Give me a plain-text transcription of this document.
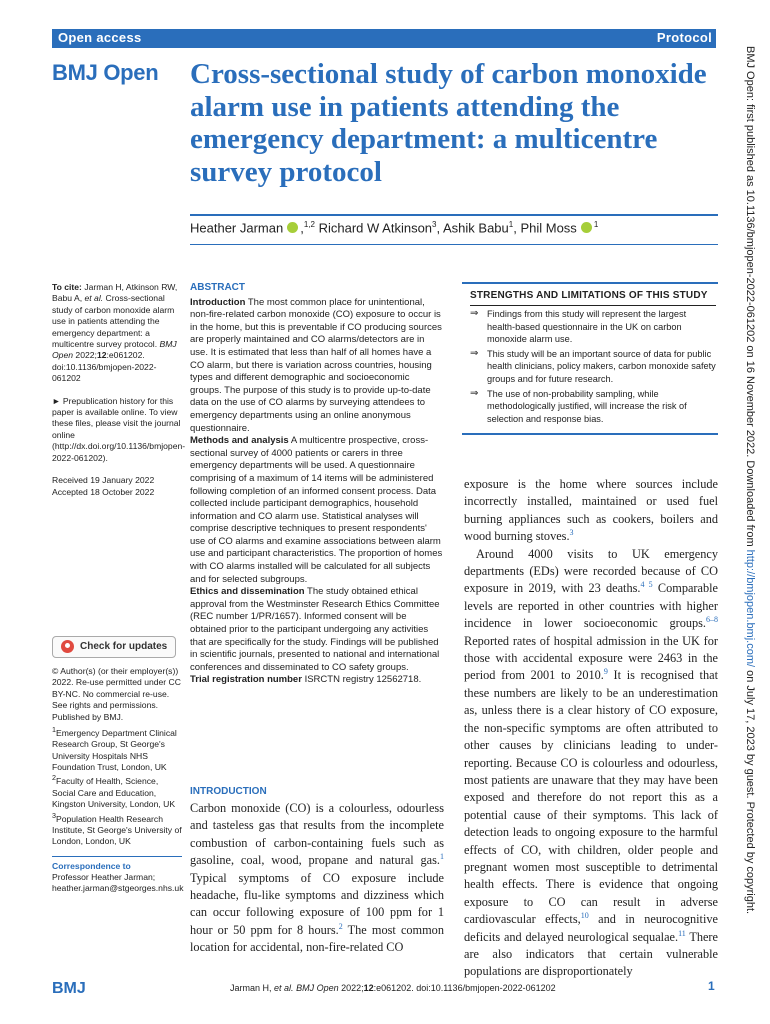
Open access	Protocol
BMJ Open Cross-sectional study of carbon monoxide alarm use in patients attending the emergency department: a multicentre survey protocol
Heather Jarman ,$^{1,2}$ Richard W Atkinson$^3$, Ashik Babu$^1$, Phil Moss $^1$

To cite: Jarman H, Atkinson RW, Babu A, et al. Cross-sectional study of carbon monoxide alarm use in patients attending the emergency department: a multicentre survey protocol. BMJ Open 2022;12:e061202. doi:10.1136/bmjopen-2022-061202

► Prepublication history for this paper is available online. To view these files, please visit the journal online (http://dx.doi.org/10.1136/bmjopen-2022-061202).

Received 19 January 2022

Accepted 18 October 2022

Check for updates

© Author(s) (or their employer(s)) 2022. Re-use permitted under CC BY-NC. No commercial re-use. See rights and permissions. Published by BMJ.

$^1$Emergency Department Clinical Research Group, St George's University Hospitals NHS Foundation Trust, London, UK

$^2$Faculty of Health, Science, Social Care and Education, Kingston University, London, UK

$^3$Population Health Research Institute, St George's University of London, London, UK

Correspondence to

Professor Heather Jarman;

heather.jarman@stgeorges.nhs.uk

ABSTRACT

Introduction The most common place for unintentional, non-fire-related carbon monoxide (CO) exposure to occur is in the home, but this is preventable if CO producing sources are properly maintained and CO alarms/detectors are in use. It is estimated that less than half of all homes have a CO alarm, but there is variation across countries, housing types and different demographic and socioeconomic groups. The purpose of this study is to provide up-to-date data on the use of CO alarms by surveying attendees to emergency departments using an online anonymous questionnaire.

Methods and analysis A multicentre prospective, cross-sectional survey of 4000 patients or carers in three emergency departments will be used. A questionnaire comprising of a maximum of 14 items will be administered following completion of an informed consent process. Data collected include participant demographics, household information and CO alarm use. Statistical analyses will comprise descriptive techniques to present respondents' use of CO alarms and examine associations between alarm use and participant characteristics. The proportion of homes with CO alarms installed will be calculated for all subjects and for selected subgroups.

Ethics and dissemination The study obtained ethical approval from the Westminster Research Ethics Committee (REC number 1/PR/1657). Informed consent will be obtained prior to the participant undergoing any activities that are specifically for the study. Findings will be published in scientific journals, presented to national and international conferences and disseminated to CO safety groups.

Trial registration number ISRCTN registry 12562718.

STRENGTHS AND LIMITATIONS OF THIS STUDY
⇒ Findings from this study will represent the largest health-based questionnaire in the UK on carbon monoxide alarm use.
⇒ This study will be an important source of data for public health clinicians, policy makers, carbon monoxide safety groups and for future research.
⇒ The use of non-probability sampling, while methodologically justified, will increase the risk of selection and response bias.
INTRODUCTION

Carbon monoxide (CO) is a colourless, odourless and tasteless gas that results from the incomplete combustion of carbon-containing fuels such as gasoline, coal, wood, propane and natural gas.$^1$ Typical symptoms of CO exposure include headache, flu-like symptoms and dizziness which can occur following exposure of 100 ppm for 1 hour or 50 ppm for 8 hours.$^2$ The most common location for accidental, non-fire-related CO

exposure is the home where sources include incorrectly installed, maintained or used fuel burning appliances such as cookers, boilers and wood burning stoves.$^3$

Around 4000 visits to UK emergency departments (EDs) were recorded because of CO exposure in 2019, with 23 deaths.$^{4 5}$ Comparable levels are reported in other countries with higher incidence in lower socioeconomic groups.$^{6-8}$ Reported rates of hospital admission in the UK for those with accidental exposure were 2463 in the period from 2001 to 2010.$^9$ It is recognised that these numbers are likely to be an underestimation as, unless there is a clear history of CO exposure, the non-specific symptoms are often attributed to other causes by clinicians leading to under-reporting. Because CO is colourless and odourless, most patients are unaware that they may have been exposed and therefore do not report this as a potential cause of their symptoms. This lack of detection leads to ongoing exposure to the harmful effects of CO, with children, older people and pregnant women most susceptible to detrimental health effects. There is evidence that ongoing exposure to CO can result in adverse cardiovascular effects,$^{10}$ and in neurocognitive deficits and delayed neurological sequalae.$^{11}$ There are also indicators that certain vulnerable populations are disproportionately

BMJ Open: first published as 10.1136/bmjopen-2022-061202 on 16 November 2022. Downloaded from http://bmjopen.bmj.com/ on July 17, 2023 by guest. Protected by copyright.
BMJ	Jarman H, et al. BMJ Open 2022;12:e061202. doi:10.1136/bmjopen-2022-061202	1
